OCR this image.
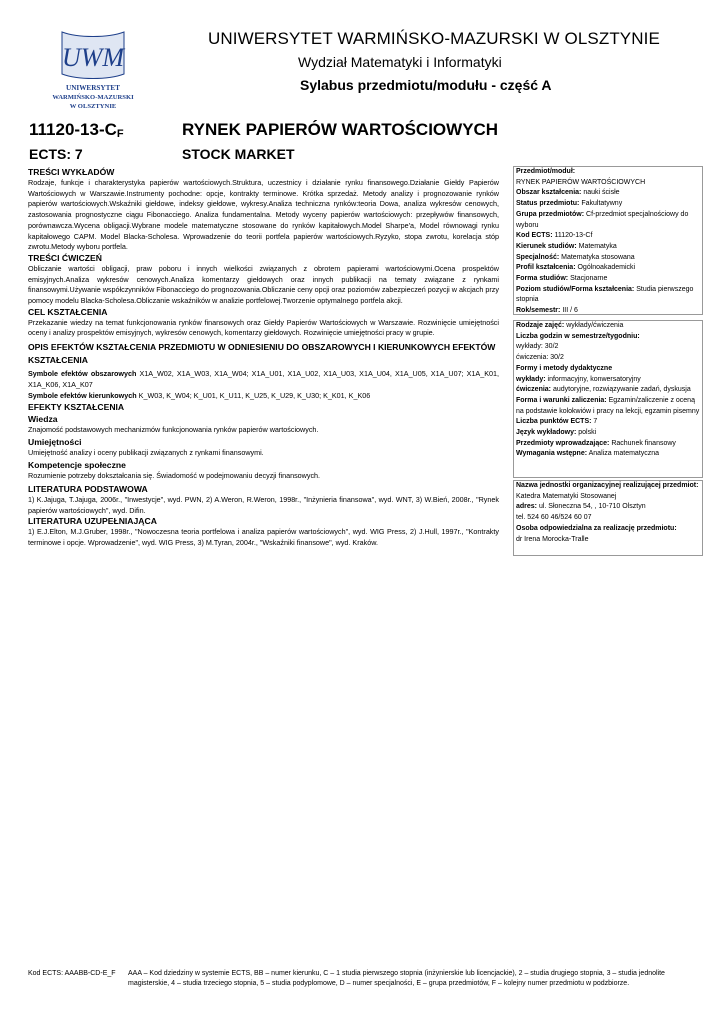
UWM
UNIWERSYTET
WARMIŃSKO-MAZURSKI
W OLSZTYNIE
UNIWERSYTET WARMIŃSKO-MAZURSKI W OLSZTYNIE
Wydział Matematyki i Informatyki
Sylabus przedmiotu/modułu - część A
$11120-13-C_F$	RYNEK PAPIERÓW WARTOŚCIOWYCH
ECTS: 7	STOCK MARKET
TREŚCI WYKŁADÓW
Rodzaje, funkcje i charakterystyka papierów wartościowych.Struktura, uczestnicy i działanie rynku finansowego.Działanie Giełdy Papierów Wartościowych w Warszawie.Instrumenty pochodne: opcje, kontrakty terminowe. Krótka sprzedaż. Metody analizy i prognozowanie rynków papierów wartościowych.Wskaźniki giełdowe, indeksy giełdowe, wykresy.Analiza techniczna rynków:teoria Dowa, analiza wykresów cenowych, zastosowania prognostyczne ciągu Fibonacciego. Analiza fundamentalna. Metody wyceny papierów wartościowych: przepływów finansowych, porównawcza.Wycena obligacji.Wybrane modele matematyczne stosowane do rynków kapitałowych.Model Sharpe'a, Model równowagi rynku kapitałowego CAPM. Model Blacka-Scholesa. Wprowadzenie do teorii portfela papierów wartościowych.Ryzyko, stopa zwrotu, korelacja stóp zwrotu.Metody wyboru portfela.
TREŚCI ĆWICZEŃ
Obliczanie wartości obligacji, praw poboru i innych wielkości związanych z obrotem papierami wartościowymi.Ocena prospektów emisyjnych.Analiza wykresów cenowych.Analiza komentarzy giełdowych oraz innych publikacji na tematy związane z rynkami finansowymi.Używanie współczynników Fibonacciego do prognozowania.Obliczanie ceny opcji oraz poziomów zabezpieczeń pozycji w akcjach przy pomocy modelu Blacka-Scholesa.Obliczanie wskaźników w analizie portfelowej.Tworzenie optymalnego portfela akcji.
CEL KSZTAŁCENIA
Przekazanie wiedzy na temat funkcjonowania rynków finansowych oraz Giełdy Papierów Wartościowych w Warszawie. Rozwinięcie umiejętności oceny i analizy prospektów emisyjnych, wykresów cenowych, komentarzy giełdowych. Rozwinięcie umiejętności pracy w grupie.
OPIS EFEKTÓW KSZTAŁCENIA PRZEDMIOTU W ODNIESIENIU DO OBSZAROWYCH I KIERUNKOWYCH EFEKTÓW KSZTAŁCENIA
Symbole efektów obszarowych X1A_W02, X1A_W03, X1A_W04; X1A_U01, X1A_U02, X1A_U03, X1A_U04, X1A_U05, X1A_U07; X1A_K01, X1A_K06, X1A_K07
Symbole efektów kierunkowych K_W03, K_W04; K_U01, K_U11, K_U25, K_U29, K_U30; K_K01, K_K06
EFEKTY KSZTAŁCENIA
Wiedza
Znajomość podstawowych mechanizmów funkcjonowania rynków papierów wartościowych.
Umiejętności
Umiejętność analizy i oceny publikacji związanych z rynkami finansowymi.
Kompetencje społeczne
Rozumienie potrzeby dokształcania się. Świadomość w podejmowaniu decyzji finansowych.
LITERATURA PODSTAWOWA
1) K.Jajuga, T.Jajuga, 2006r., "Inwestycje", wyd. PWN, 2) A.Weron, R.Weron, 1998r., "Inżynieria finansowa", wyd. WNT, 3) W.Bień, 2008r., "Rynek papierów wartościowych", wyd. Difin.
LITERATURA UZUPEŁNIAJĄCA
1) E.J.Elton, M.J.Gruber, 1998r., "Nowoczesna teoria portfelowa i analiza papierów wartościowych", wyd. WIG Press, 2) J.Hull, 1997r., "Kontrakty terminowe i opcje. Wprowadzenie", wyd. WIG Press, 3) M.Tyran, 2004r., "Wskaźniki finansowe", wyd. Kraków.
Przedmiot/moduł:
RYNEK PAPIERÓW WARTOŚCIOWYCH
Obszar kształcenia: nauki ścisłe
Status przedmiotu: Fakultatywny
Grupa przedmiotów: Cf-przedmiot specjalnościowy do wyboru
Kod ECTS: 11120-13-Cf
Kierunek studiów: Matematyka
Specjalność: Matematyka stosowana
Profil kształcenia: Ogólnoakademicki
Forma studiów: Stacjonarne
Poziom studiów/Forma kształcenia: Studia pierwszego stopnia
Rok/semestr: III / 6
Rodzaje zajęć: wykłady/ćwiczenia
Liczba godzin w semestrze/tygodniu:
wykłady: 30/2
ćwiczenia: 30/2
Formy i metody dydaktyczne
wykłady: informacyjny, konwersatoryjny
ćwiczenia: audytoryjne, rozwiązywanie zadań, dyskusja
Forma i warunki zaliczenia: Egzamin/zaliczenie z oceną na podstawie kolokwiów i pracy na lekcji, egzamin pisemny
Liczba punktów ECTS: 7
Język wykładowy: polski
Przedmioty wprowadzające: Rachunek finansowy
Wymagania wstępne: Analiza matematyczna
Nazwa jednostki organizacyjnej realizującej przedmiot:
Katedra Matematyki Stosowanej
adres: ul. Słoneczna 54, , 10-710 Olsztyn
tel. 524 60 46/524 60 07
Osoba odpowiedzialna za realizację przedmiotu:
dr Irena Morocka-Tralle
Kod ECTS: AAABB-CD-E_F AAA – Kod dziedziny w systemie ECTS, BB – numer kierunku, C – 1 studia pierwszego stopnia (inżynierskie lub licencjackie), 2 – studia drugiego stopnia, 3 – studia jednolite magisterskie, 4 – studia trzeciego stopnia, 5 – studia podyplomowe, D – numer specjalności, E – grupa przedmiotów, F – kolejny numer przedmiotu w podzbiorze.
